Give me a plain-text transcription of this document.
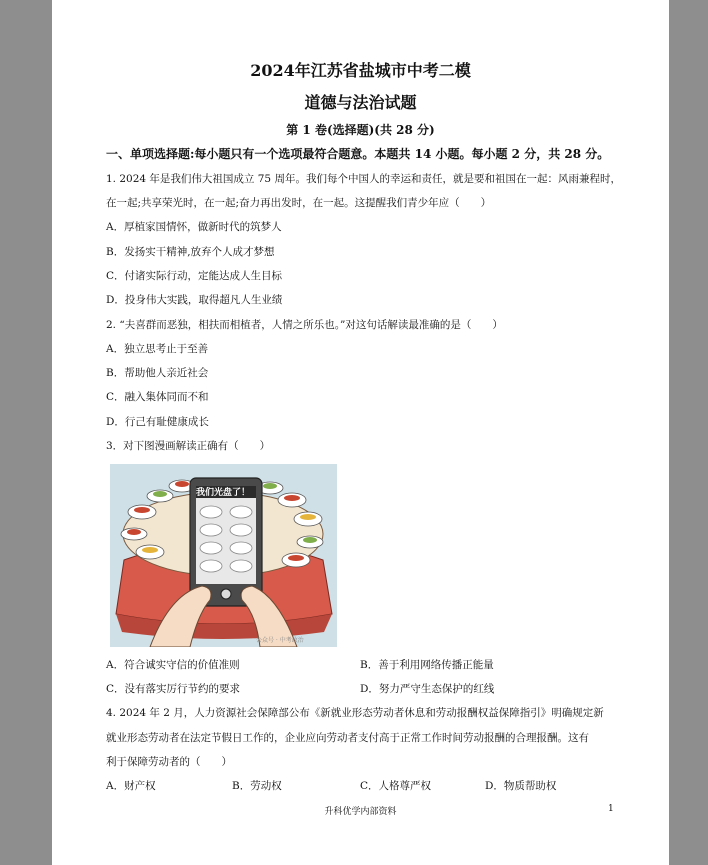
2024年江苏省盐城市中考二模
道德与法治试题
第 1 卷(选择题)(共 28 分)
一、单项选择题:每小题只有一个选项最符合题意。本题共 14 小题。每小题 2 分，共 28 分。
1. 2024 年是我们伟大祖国成立 75 周年。我们每个中国人的幸运和责任，就是要和祖国在一起：风雨兼程时，
在一起;共享荣光时，在一起;奋力再出发时，在一起。这提醒我们青少年应（　　）
A．厚植家国情怀，做新时代的筑梦人
B．发扬实干精神,放弃个人成才梦想
C．付诸实际行动，定能达成人生目标
D．投身伟大实践，取得超凡人生业绩
2. “夫喜群而恶独，相扶而相植者，人情之所乐也。”对这句话解读最准确的是（　　）
A．独立思考止于至善
B．帮助他人亲近社会
C．融入集体同而不和
D．行己有耻健康成长
3．对下图漫画解读正确有（　　）
我们光盘了！
公众号 · 中考政治
A．符合诚实守信的价值准则	B．善于利用网络传播正能量
C．没有落实厉行节约的要求	D．努力严守生态保护的红线
4. 2024 年 2 月，人力资源社会保障部公布《新就业形态劳动者休息和劳动报酬权益保障指引》明确规定新
就业形态劳动者在法定节假日工作的，企业应向劳动者支付高于正常工作时间劳动报酬的合理报酬。这有
利于保障劳动者的（　　）
A．财产权	B．劳动权	C．人格尊严权	D．物质帮助权
升科优学内部资料	1
